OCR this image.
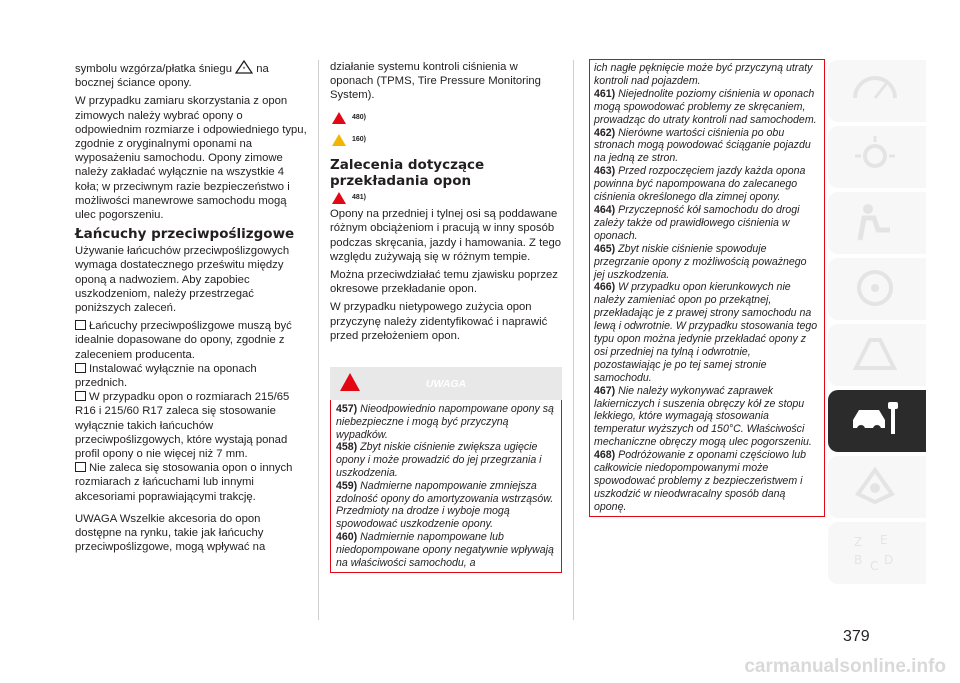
symbolu wzgórza/płatka śniegu * na bocznej ściance opony.

W przypadku zamiaru skorzystania z opon zimowych należy wybrać opony o odpowiednim rozmiarze i odpowiedniego typu, zgodnie z oryginalnymi oponami na wyposażeniu samochodu. Opony zimowe należy zakładać wyłącznie na wszystkie 4 koła; w przeciwnym razie bezpieczeństwo i możliwości manewrowe samochodu mogą ulec pogorszeniu.

Łańcuchy przeciwpoślizgowe

Używanie łańcuchów przeciwpoślizgowych wymaga dostatecznego prześwitu między oponą a nadwoziem. Aby zapobiec uszkodzeniom, należy przestrzegać poniższych zaleceń.

Łańcuchy przeciwpoślizgowe muszą być idealnie dopasowane do opony, zgodnie z zaleceniem producenta.

Instalować wyłącznie na oponach przednich.

W przypadku opon o rozmiarach 215/65 R16 i 215/60 R17 zaleca się stosowanie wyłącznie takich łańcuchów przeciwpoślizgowych, które wystają ponad profil opony o nie więcej niż 7 mm.

Nie zaleca się stosowania opon o innych rozmiarach z łańcuchami lub innymi akcesoriami poprawiającymi trakcję.

UWAGA Wszelkie akcesoria do opon dostępne na rynku, takie jak łańcuchy przeciwpoślizgowe, mogą wpływać na

działanie systemu kontroli ciśnienia w oponach (TPMS, Tire Pressure Monitoring System).

480)
160)
Zalecenia dotyczące przekładania opon
481)

Opony na przedniej i tylnej osi są poddawane różnym obciążeniom i pracują w inny sposób podczas skręcania, jazdy i hamowania. Z tego względu zużywają się w różnym tempie.

Można przeciwdziałać temu zjawisku poprzez okresowe przekładanie opon.

W przypadku nietypowego zużycia opon przyczynę należy zidentyfikować i naprawić przed przełożeniem opon.

UWAGA

457) Nieodpowiednio napompowane opony są niebezpieczne i mogą być przyczyną wypadków.

458) Zbyt niskie ciśnienie zwiększa ugięcie opony i może prowadzić do jej przegrzania i uszkodzenia.

459) Nadmierne napompowanie zmniejsza zdolność opony do amortyzowania wstrząsów. Przedmioty na drodze i wyboje mogą spowodować uszkodzenie opony.

460) Nadmiernie napompowane lub niedopompowane opony negatywnie wpływają na właściwości samochodu, a

ich nagłe pęknięcie może być przyczyną utraty kontroli nad pojazdem.

461) Niejednolite poziomy ciśnienia w oponach mogą spowodować problemy ze skręcaniem, prowadząc do utraty kontroli nad samochodem.

462) Nierówne wartości ciśnienia po obu stronach mogą powodować ściąganie pojazdu na jedną ze stron.

463) Przed rozpoczęciem jazdy każda opona powinna być napompowana do zalecanego ciśnienia określonego dla zimnej opony.

464) Przyczepność kół samochodu do drogi zależy także od prawidłowego ciśnienia w oponach.

465) Zbyt niskie ciśnienie spowoduje przegrzanie opony z możliwością poważnego jej uszkodzenia.

466) W przypadku opon kierunkowych nie należy zamieniać opon po przekątnej, przekładając je z prawej strony samochodu na lewą i odwrotnie. W przypadku stosowania tego typu opon można jedynie przekładać opony z osi przedniej na tylną i odwrotnie, pozostawiając je po tej samej stronie samochodu.

467) Nie należy wykonywać zaprawek lakierniczych i suszenia obręczy kół ze stopu lekkiego, które wymagają stosowania temperatur wyższych od 150°C. Właściwości mechaniczne obręczy mogą ulec pogorszeniu.

468) Podróżowanie z oponami częściowo lub całkowicie niedopompowanymi może spowodować problemy z bezpieczeństwem i uszkodzić w nieodwracalny sposób daną oponę.

Z E
B C D
379
carmanualsonline.info
